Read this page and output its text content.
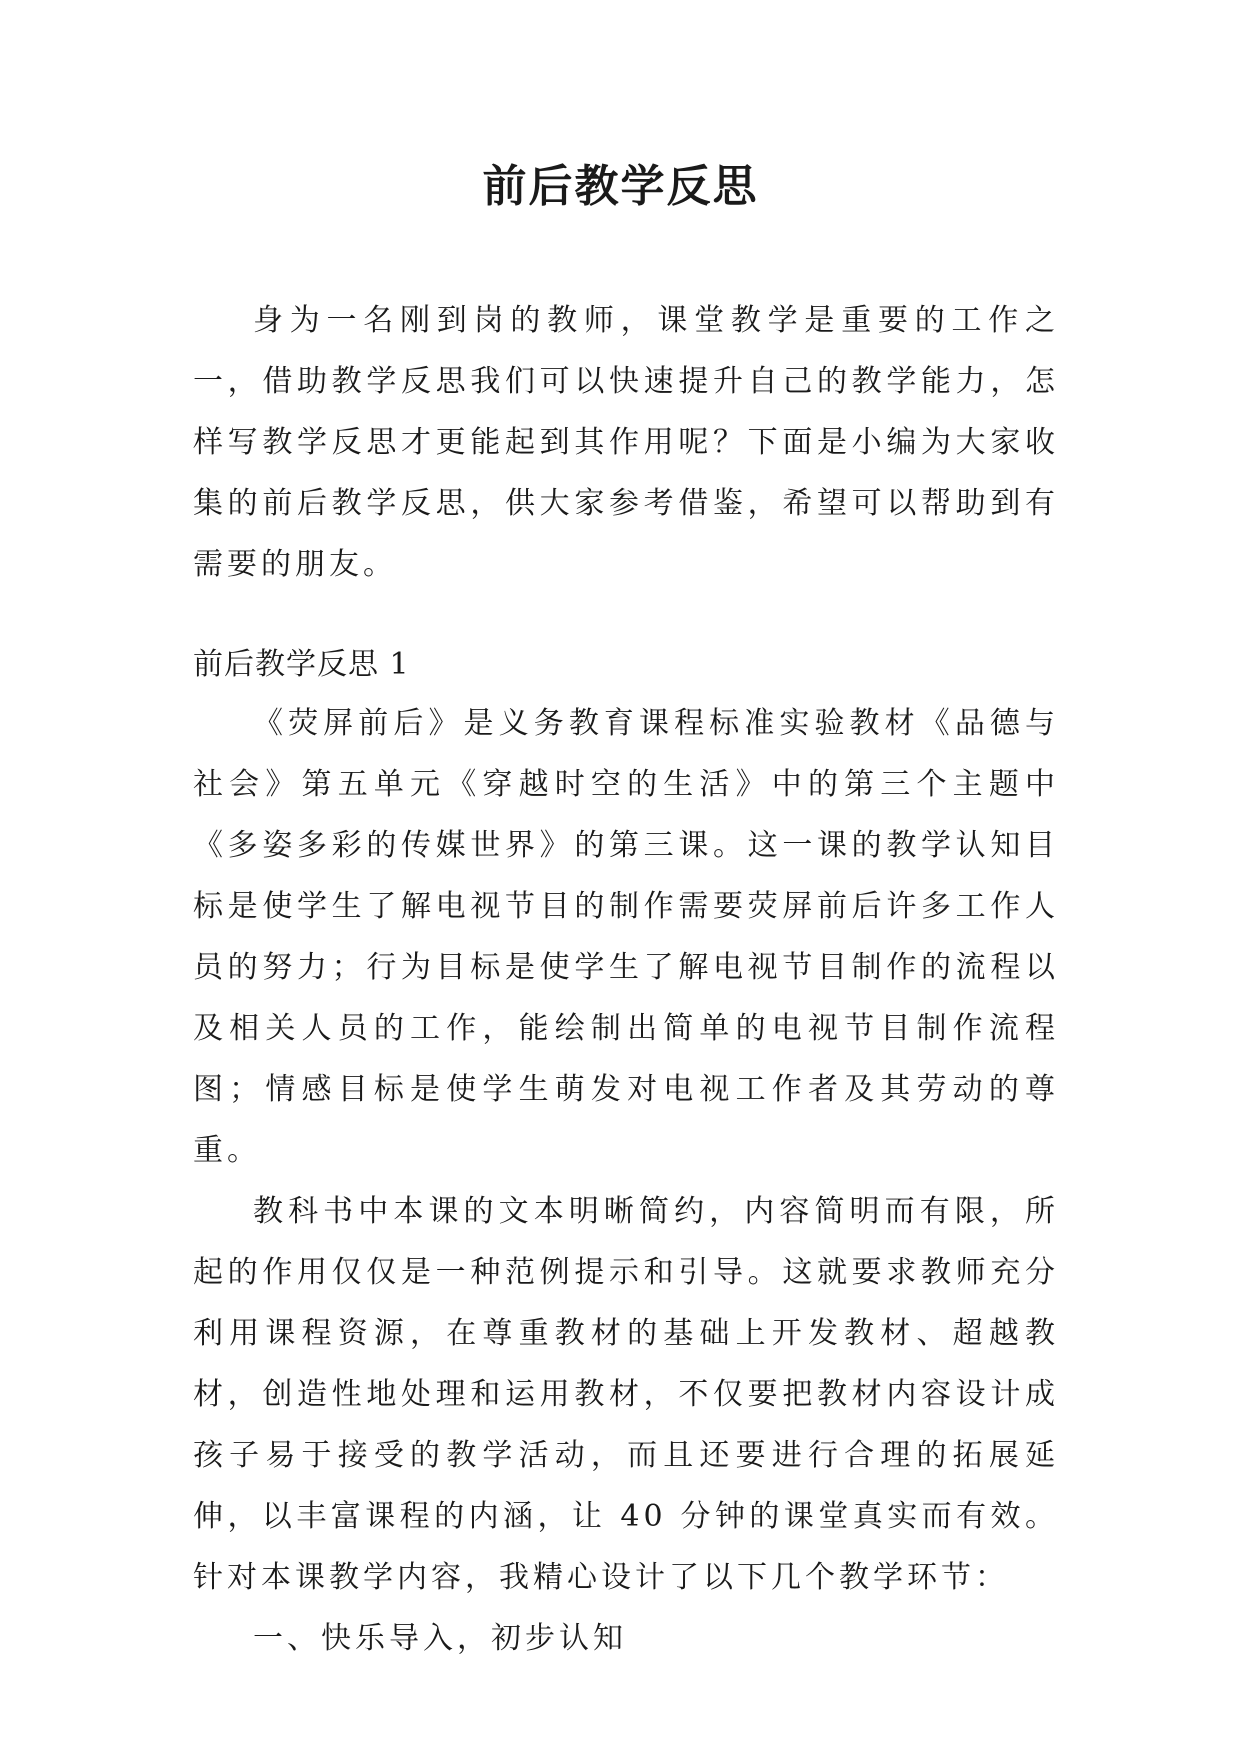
前后教学反思

身为一名刚到岗的教师，课堂教学是重要的工作之一，借助教学反思我们可以快速提升自己的教学能力，怎样写教学反思才更能起到其作用呢？下面是小编为大家收集的前后教学反思，供大家参考借鉴，希望可以帮助到有需要的朋友。

前后教学反思 1

《荧屏前后》是义务教育课程标准实验教材《品德与社会》第五单元《穿越时空的生活》中的第三个主题中《多姿多彩的传媒世界》的第三课。这一课的教学认知目标是使学生了解电视节目的制作需要荧屏前后许多工作人员的努力；行为目标是使学生了解电视节目制作的流程以及相关人员的工作，能绘制出简单的电视节目制作流程图；情感目标是使学生萌发对电视工作者及其劳动的尊重。

教科书中本课的文本明晰简约，内容简明而有限，所起的作用仅仅是一种范例提示和引导。这就要求教师充分利用课程资源，在尊重教材的基础上开发教材、超越教材，创造性地处理和运用教材，不仅要把教材内容设计成孩子易于接受的教学活动，而且还要进行合理的拓展延伸，以丰富课程的内涵，让 40 分钟的课堂真实而有效。针对本课教学内容，我精心设计了以下几个教学环节：

一、快乐导入，初步认知
